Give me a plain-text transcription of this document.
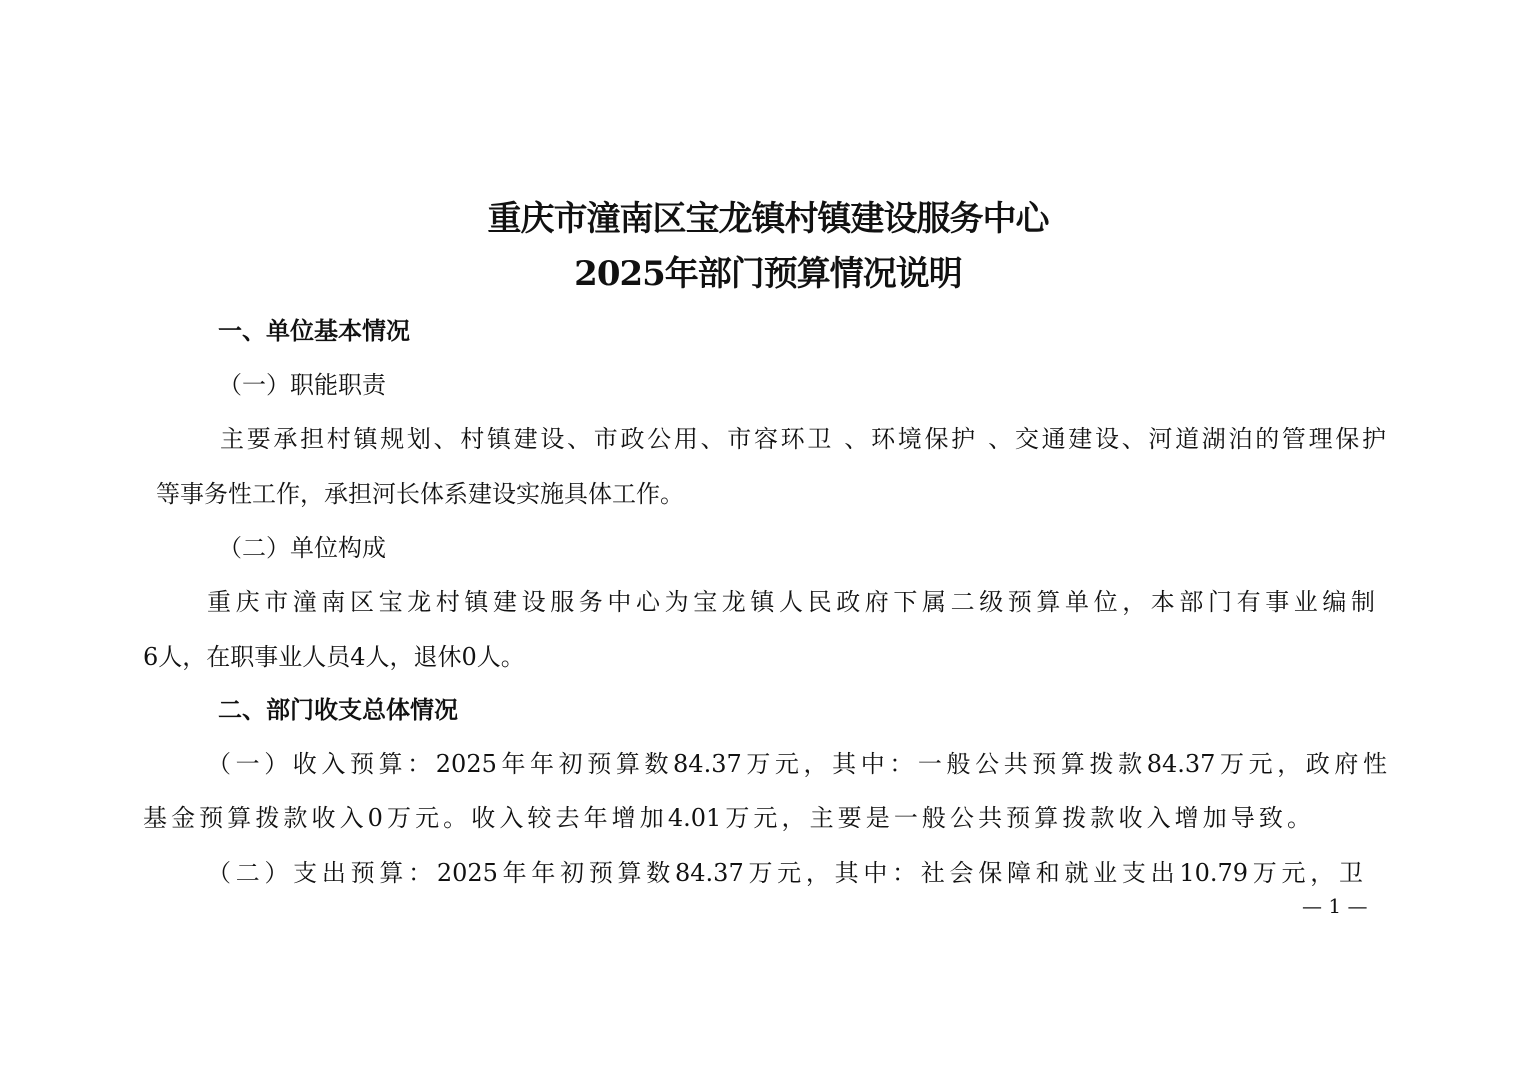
重庆市潼南区宝龙镇村镇建设服务中心
2025年部门预算情况说明
一、单位基本情况
（一）职能职责
主要承担村镇规划、村镇建设、市政公用、市容环卫 、环境保护 、交通建设、河道湖泊的管理保护
等事务性工作，承担河长体系建设实施具体工作。
（二）单位构成
重庆市潼南区宝龙村镇建设服务中心为宝龙镇人民政府下属二级预算单位，本部门有事业编制
6人，在职事业人员4人，退休0人。
二、部门收支总体情况
（一）收入预算：2025年年初预算数84.37万元，其中：一般公共预算拨款84.37万元，政府性
基金预算拨款收入0万元。收入较去年增加4.01万元，主要是一般公共预算拨款收入增加导致。
（二）支出预算：2025年年初预算数84.37万元，其中：社会保障和就业支出10.79万元，卫
— 1 —
